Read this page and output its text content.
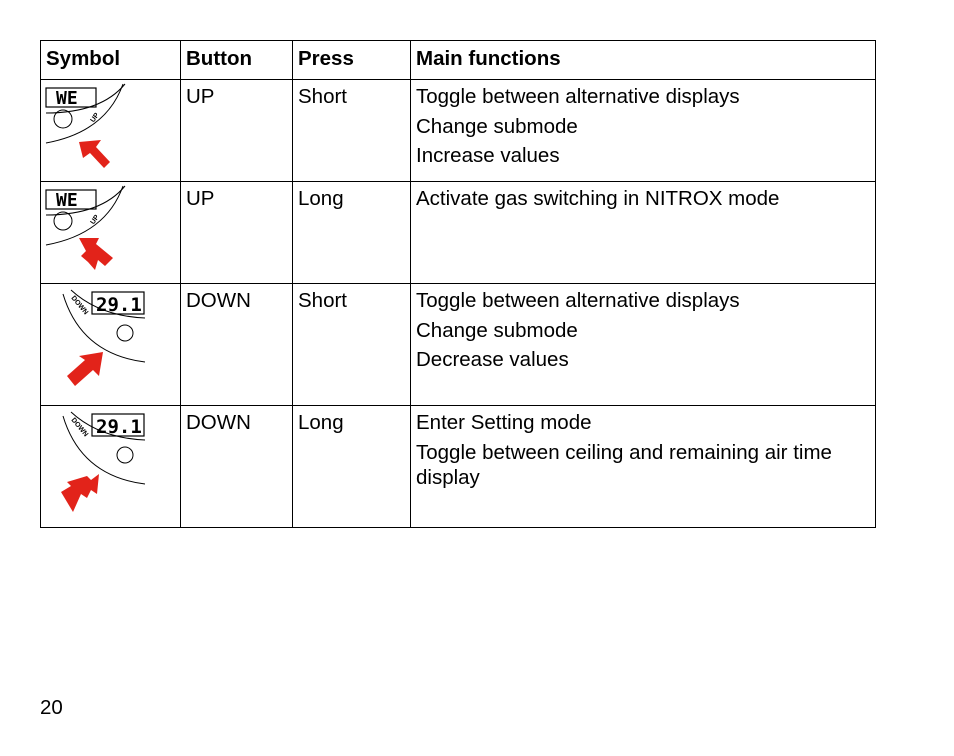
Symbol	Button	Press	Main functions

WE
UP	UP	Short	Toggle between alternative displays
Change submode
Increase values

WE
UP	UP	Long	Activate gas switching in NITROX mode

29.1
DOWN	DOWN	Short	Toggle between alternative displays
Change submode
Decrease values

29.1
DOWN	DOWN	Long	Enter Setting mode
Toggle between ceiling and remaining air time display
20
